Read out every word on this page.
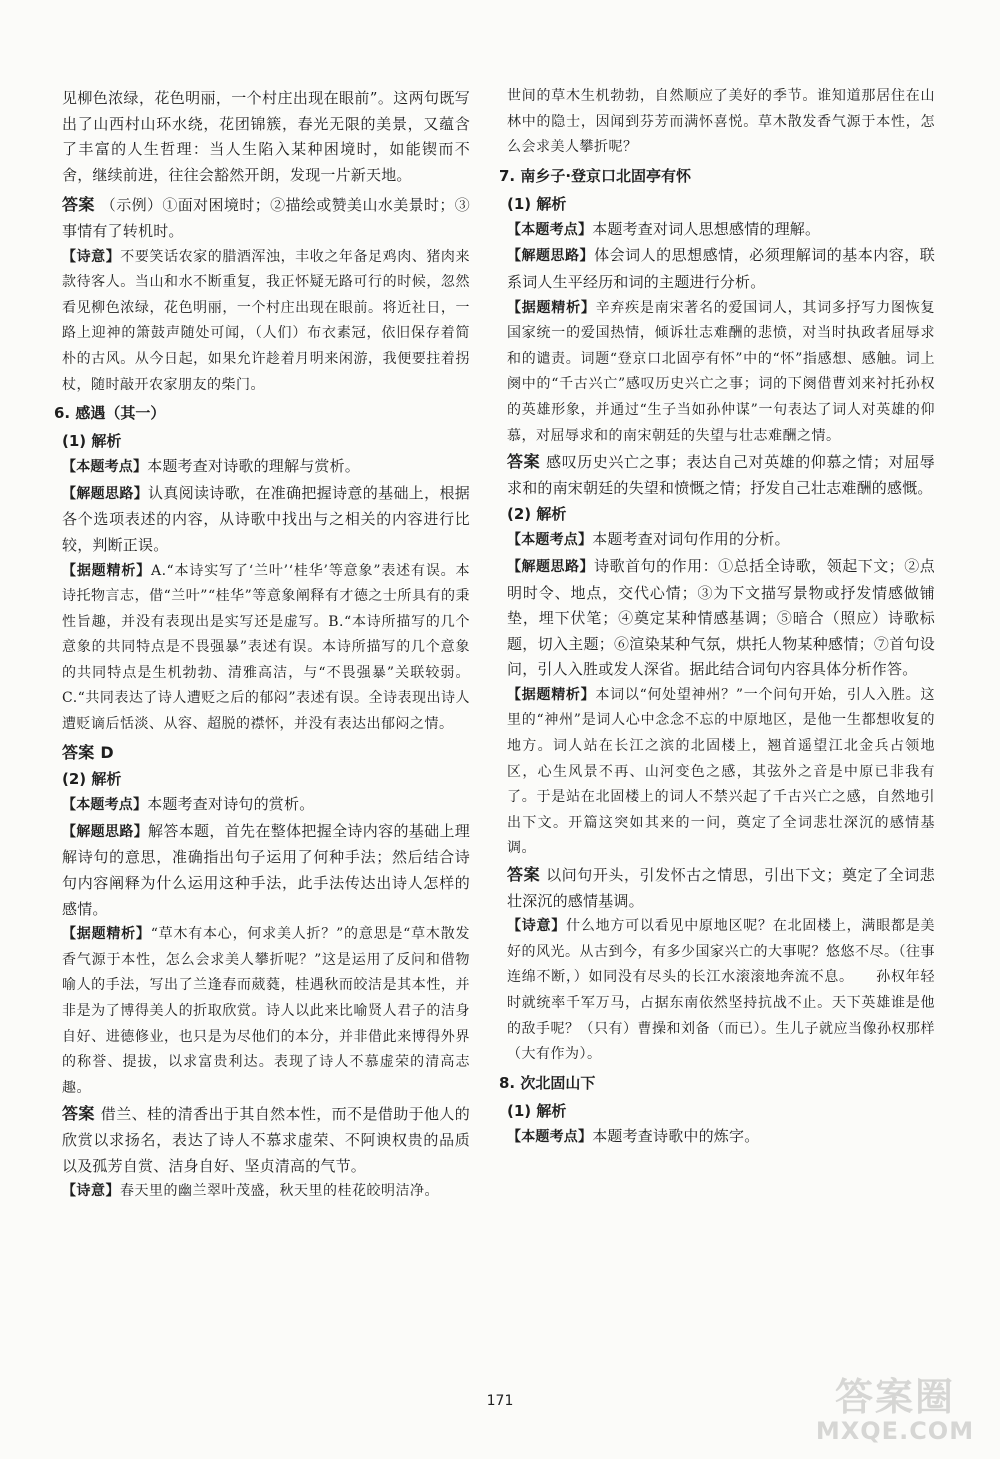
见柳色浓绿，花色明丽，一个村庄出现在眼前”。这两句既写出了山西村山环水绕，花团锦簇，春光无限的美景，又蕴含了丰富的人生哲理：当人生陷入某种困境时，如能锲而不舍，继续前进，往往会豁然开朗，发现一片新天地。

答案 （示例）①面对困境时；②描绘或赞美山水美景时；③事情有了转机时。

【诗意】不要笑话农家的腊酒浑浊，丰收之年备足鸡肉、猪肉来款待客人。当山和水不断重复，我正怀疑无路可行的时候，忽然看见柳色浓绿，花色明丽，一个村庄出现在眼前。将近社日，一路上迎神的箫鼓声随处可闻，（人们）布衣素冠，依旧保存着简朴的古风。从今日起，如果允许趁着月明来闲游，我便要拄着拐杖，随时敲开农家朋友的柴门。

6. 感遇（其一）

(1) 解析

【本题考点】本题考查对诗歌的理解与赏析。

【解题思路】认真阅读诗歌，在准确把握诗意的基础上，根据各个选项表述的内容，从诗歌中找出与之相关的内容进行比较，判断正误。

【据题精析】A.“本诗实写了‘兰叶’‘桂华’等意象”表述有误。本诗托物言志，借“兰叶”“桂华”等意象阐释有才德之士所具有的秉性旨趣，并没有表现出是实写还是虚写。B.“本诗所描写的几个意象的共同特点是不畏强暴”表述有误。本诗所描写的几个意象的共同特点是生机勃勃、清雅高洁，与“不畏强暴”关联较弱。C.“共同表达了诗人遭贬之后的郁闷”表述有误。全诗表现出诗人遭贬谪后恬淡、从容、超脱的襟怀，并没有表达出郁闷之情。

答案 D

(2) 解析

【本题考点】本题考查对诗句的赏析。

【解题思路】解答本题，首先在整体把握全诗内容的基础上理解诗句的意思，准确指出句子运用了何种手法；然后结合诗句内容阐释为什么运用这种手法，此手法传达出诗人怎样的感情。

【据题精析】“草木有本心，何求美人折？”的意思是“草木散发香气源于本性，怎么会求美人攀折呢？”这是运用了反问和借物喻人的手法，写出了兰逢春而葳蕤，桂遇秋而皎洁是其本性，并非是为了博得美人的折取欣赏。诗人以此来比喻贤人君子的洁身自好、进德修业，也只是为尽他们的本分，并非借此来博得外界的称誉、提拔，以求富贵利达。表现了诗人不慕虚荣的清高志趣。

答案 借兰、桂的清香出于其自然本性，而不是借助于他人的欣赏以求扬名，表达了诗人不慕求虚荣、不阿谀权贵的品质以及孤芳自赏、洁身自好、坚贞清高的气节。

【诗意】春天里的幽兰翠叶茂盛，秋天里的桂花皎明洁净。

世间的草木生机勃勃，自然顺应了美好的季节。谁知道那居住在山林中的隐士，因闻到芬芳而满怀喜悦。草木散发香气源于本性，怎么会求美人攀折呢？

7. 南乡子·登京口北固亭有怀

(1) 解析

【本题考点】本题考查对词人思想感情的理解。

【解题思路】体会词人的思想感情，必须理解词的基本内容，联系词人生平经历和词的主题进行分析。

【据题精析】辛弃疾是南宋著名的爱国词人，其词多抒写力图恢复国家统一的爱国热情，倾诉壮志难酬的悲愤，对当时执政者屈辱求和的谴责。词题“登京口北固亭有怀”中的“怀”指感想、感触。词上阕中的“千古兴亡”感叹历史兴亡之事；词的下阕借曹刘来衬托孙权的英雄形象，并通过“生子当如孙仲谋”一句表达了词人对英雄的仰慕，对屈辱求和的南宋朝廷的失望与壮志难酬之情。

答案 感叹历史兴亡之事；表达自己对英雄的仰慕之情；对屈辱求和的南宋朝廷的失望和愤慨之情；抒发自己壮志难酬的感慨。

(2) 解析

【本题考点】本题考查对词句作用的分析。

【解题思路】诗歌首句的作用：①总括全诗歌，领起下文；②点明时令、地点，交代心情；③为下文描写景物或抒发情感做铺垫，埋下伏笔；④奠定某种情感基调；⑤暗合（照应）诗歌标题，切入主题；⑥渲染某种气氛，烘托人物某种感情；⑦首句设问，引人入胜或发人深省。据此结合词句内容具体分析作答。

【据题精析】本词以“何处望神州？”一个问句开始，引人入胜。这里的“神州”是词人心中念念不忘的中原地区，是他一生都想收复的地方。词人站在长江之滨的北固楼上，翘首遥望江北金兵占领地区，心生风景不再、山河变色之感，其弦外之音是中原已非我有了。于是站在北固楼上的词人不禁兴起了千古兴亡之感，自然地引出下文。开篇这突如其来的一问，奠定了全词悲壮深沉的感情基调。

答案 以问句开头，引发怀古之情思，引出下文；奠定了全词悲壮深沉的感情基调。

【诗意】什么地方可以看见中原地区呢？在北固楼上，满眼都是美好的风光。从古到今，有多少国家兴亡的大事呢？悠悠不尽。（往事连绵不断，）如同没有尽头的长江水滚滚地奔流不息。　　孙权年轻时就统率千军万马，占据东南依然坚持抗战不止。天下英雄谁是他的敌手呢？（只有）曹操和刘备（而已）。生儿子就应当像孙权那样（大有作为）。

8. 次北固山下

(1) 解析

【本题考点】本题考查诗歌中的炼字。

171	答案圈
MXQE.COM
